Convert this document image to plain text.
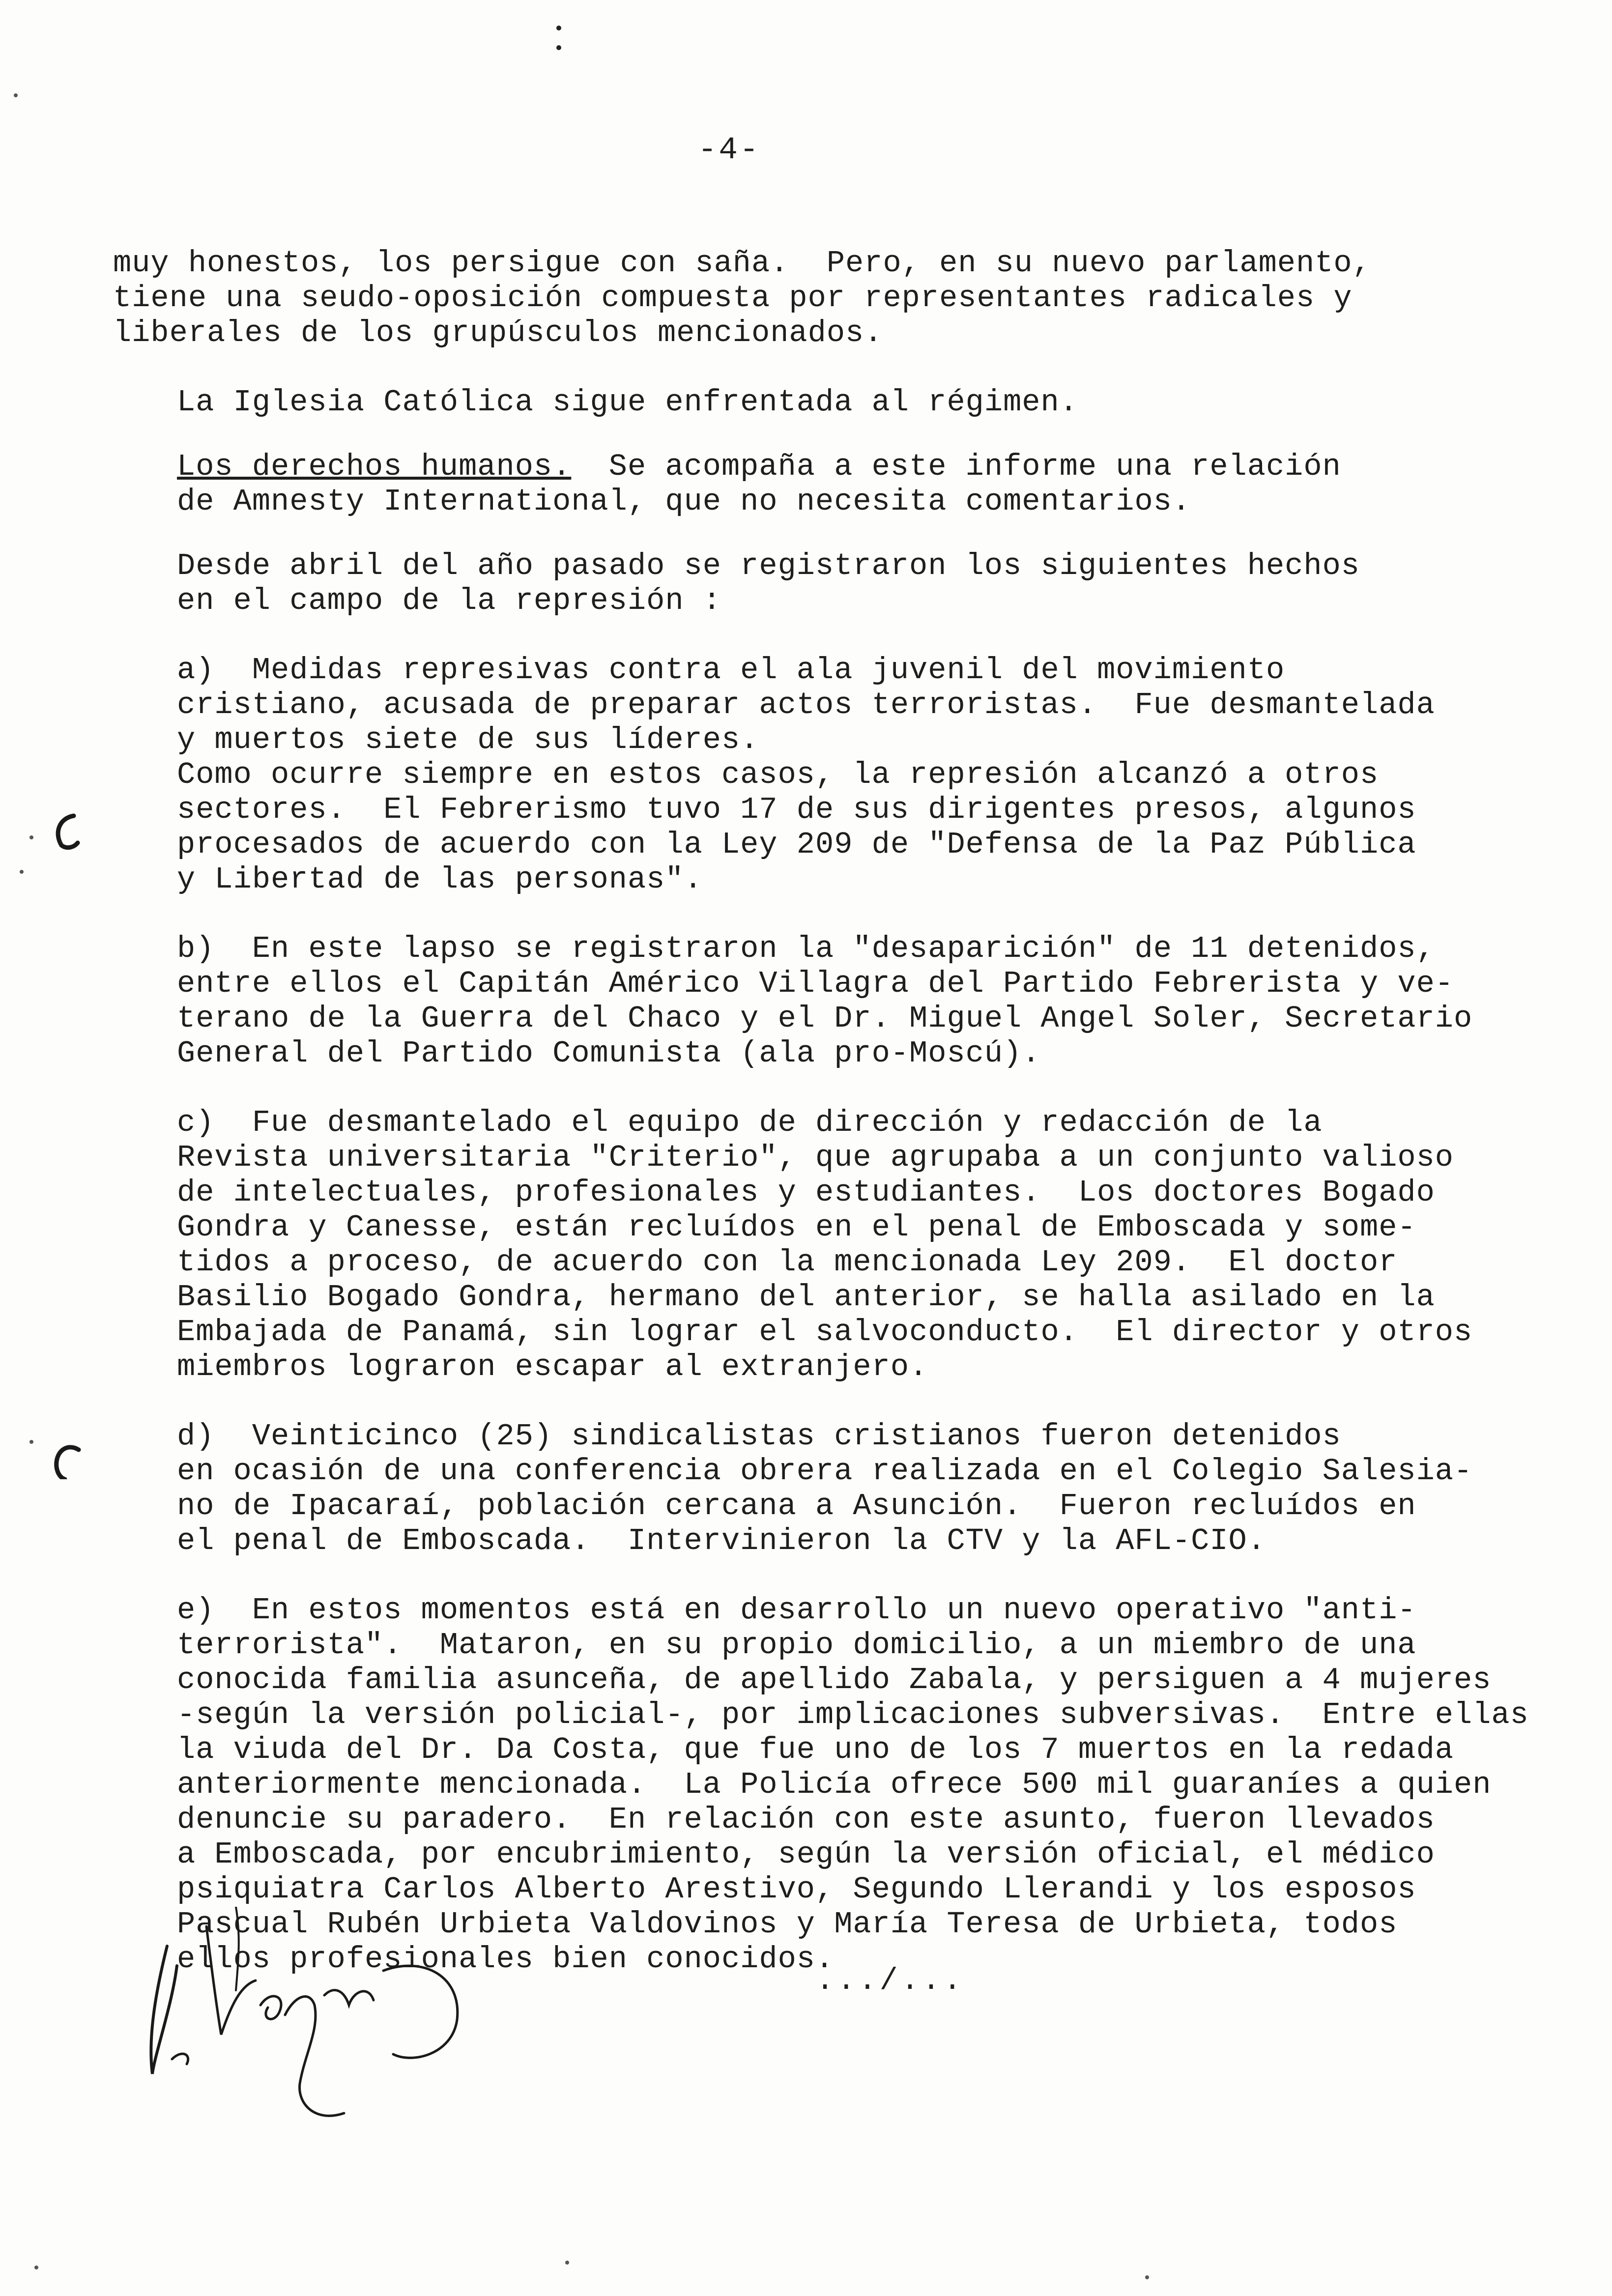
-4-

muy honestos, los persigue con saña.  Pero, en su nuevo parlamento,
tiene una seudo-oposición compuesta por representantes radicales y
liberales de los grupúsculos mencionados.

La Iglesia Católica sigue enfrentada al régimen.

Los derechos humanos.  Se acompaña a este informe una relación
de Amnesty International, que no necesita comentarios.

Desde abril del año pasado se registraron los siguientes hechos
en el campo de la represión :

a)  Medidas represivas contra el ala juvenil del movimiento
cristiano, acusada de preparar actos terroristas.  Fue desmantelada
y muertos siete de sus líderes.

Como ocurre siempre en estos casos, la represión alcanzó a otros
sectores.  El Febrerismo tuvo 17 de sus dirigentes presos, algunos
procesados de acuerdo con la Ley 209 de "Defensa de la Paz Pública
y Libertad de las personas".

b)  En este lapso se registraron la "desaparición" de 11 detenidos,
entre ellos el Capitán Américo Villagra del Partido Febrerista y ve-
terano de la Guerra del Chaco y el Dr. Miguel Angel Soler, Secretario
General del Partido Comunista (ala pro-Moscú).

c)  Fue desmantelado el equipo de dirección y redacción de la
Revista universitaria "Criterio", que agrupaba a un conjunto valioso
de intelectuales, profesionales y estudiantes.  Los doctores Bogado
Gondra y Canesse, están recluídos en el penal de Emboscada y some-
tidos a proceso, de acuerdo con la mencionada Ley 209.  El doctor
Basilio Bogado Gondra, hermano del anterior, se halla asilado en la
Embajada de Panamá, sin lograr el salvoconducto.  El director y otros
miembros lograron escapar al extranjero.

d)  Veinticinco (25) sindicalistas cristianos fueron detenidos
en ocasión de una conferencia obrera realizada en el Colegio Salesia-
no de Ipacaraí, población cercana a Asunción.  Fueron recluídos en
el penal de Emboscada.  Intervinieron la CTV y la AFL-CIO.

e)  En estos momentos está en desarrollo un nuevo operativo "anti-
terrorista".  Mataron, en su propio domicilio, a un miembro de una
conocida familia asunceña, de apellido Zabala, y persiguen a 4 mujeres
-según la versión policial-, por implicaciones subversivas.  Entre ellas
la viuda del Dr. Da Costa, que fue uno de los 7 muertos en la redada
anteriormente mencionada.  La Policía ofrece 500 mil guaraníes a quien
denuncie su paradero.  En relación con este asunto, fueron llevados
a Emboscada, por encubrimiento, según la versión oficial, el médico
psiquiatra Carlos Alberto Arestivo, Segundo Llerandi y los esposos
Pascual Rubén Urbieta Valdovinos y María Teresa de Urbieta, todos
ellos profesionales bien conocidos.

.../...
